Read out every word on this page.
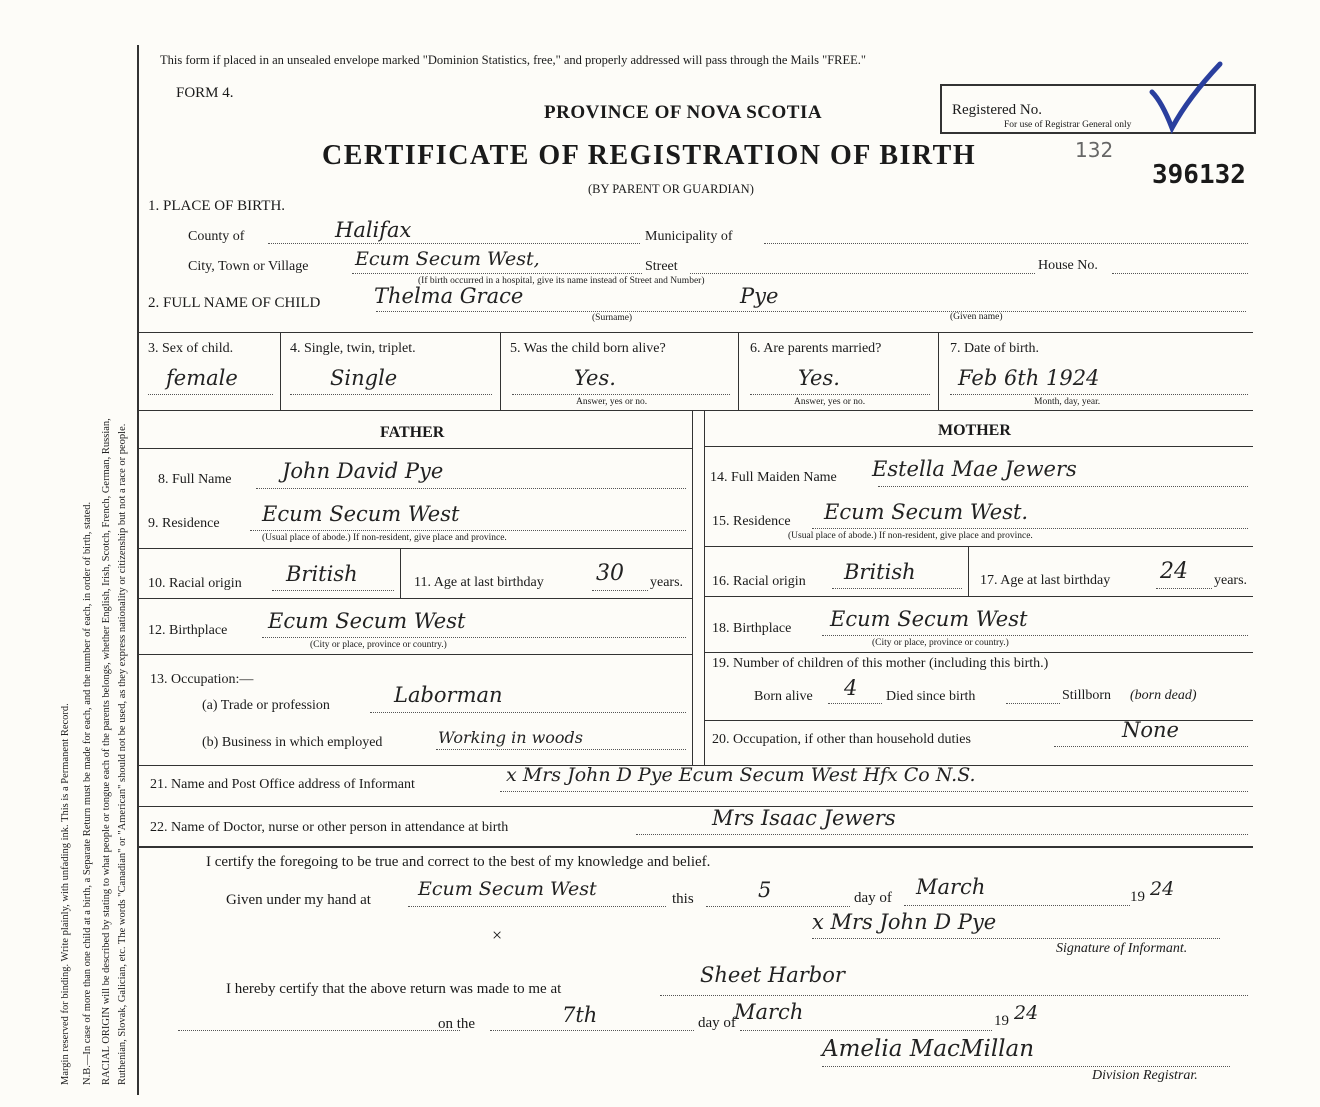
Margin reserved for binding. Write plainly, with unfading ink. This is a Permanent Record. N.B.—In case of more than one child at a birth, a Separate Return must be made for each, and the number of each, in order of birth, stated. RACIAL ORIGIN will be described by stating to what people or tongue each of the parents belongs, whether English, Irish, Scotch, French, German, Russian, Ruthenian, Slovak, Galician, etc. The words "Canadian" or "American" should not be used, as they express nationality or citizenship but not a race or people.
This form if placed in an unsealed envelope marked "Dominion Statistics, free," and properly addressed will pass through the Mails "FREE."
FORM 4.
PROVINCE OF NOVA SCOTIA	Registered No.
For use of Registrar General only
CERTIFICATE OF REGISTRATION OF BIRTH	132
396132
(BY PARENT OR GUARDIAN)
1. PLACE OF BIRTH.
County of	Halifax	Municipality of
City, Town or Village Ecum Secum West,	Street	House No.
(If birth occurred in a hospital, give its name instead of Street and Number)
2. FULL NAME OF CHILD	Thelma Grace	Pye
(Surname)	(Given name)
3. Sex of child.
female
4. Single, twin, triplet.
Single
5. Was the child born alive?
Yes.
Answer, yes or no.
6. Are parents married?
Yes.
Answer, yes or no.
7. Date of birth.
Feb 6th 1924
Month, day, year.
FATHER	MOTHER
8. Full Name John David Pye	14. Full Maiden Name Estella Mae Jewers
9. Residence Ecum Secum West
(Usual place of abode.) If non-resident, give place and province.
15. Residence Ecum Secum West.
(Usual place of abode.) If non-resident, give place and province.
10. Racial origin British	11. Age at last birthday 30 years. 16. Racial origin British	17. Age at last birthday 24 years.
12. Birthplace Ecum Secum West
(City or place, province or country.)
18. Birthplace Ecum Secum West
(City or place, province or country.)
13. Occupation:—
(a) Trade or profession	Laborman
(b) Business in which employed	Working in woods
19. Number of children of this mother (including this birth.)
Born alive 4 Died since birth	Stillborn (born dead)
20. Occupation, if other than household duties	None
21. Name and Post Office address of Informant	x Mrs John D Pye Ecum Secum West Hfx Co N.S.
22. Name of Doctor, nurse or other person in attendance at birth	Mrs Isaac Jewers
I certify the foregoing to be true and correct to the best of my knowledge and belief.
Given under my hand at Ecum Secum West	this	5	day of March	19 24
×
x Mrs John D Pye
Signature of Informant.
I hereby certify that the above return was made to me at
Sheet Harbor
on the	7th	day of
March	19 24
Amelia MacMillan
Division Registrar.
